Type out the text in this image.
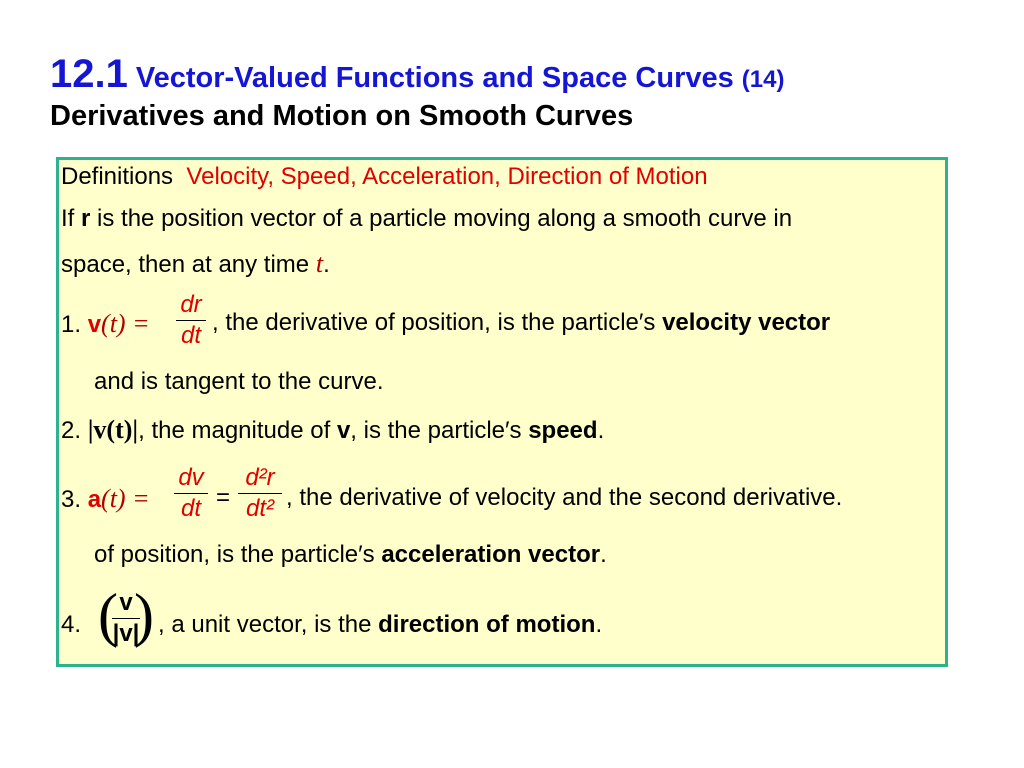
12.1 Vector-Valued Functions and Space Curves (14)
Derivatives and Motion on Smooth Curves
Definitions Velocity, Speed, Acceleration, Direction of Motion
If r is the position vector of a particle moving along a smooth curve in
space, then at any time t.
1. v(t) =
dr
dt , the derivative of position, is the particle′s velocity vector
and is tangent to the curve.
2. |v(t)|, the magnitude of v, is the particle′s speed.
3. a(t) =
dv
dt =
d²r
dt² , the derivative of velocity and the second derivative.
of position, is the particle′s acceleration vector.
4. ( )
v
|v| , a unit vector, is the direction of motion.
